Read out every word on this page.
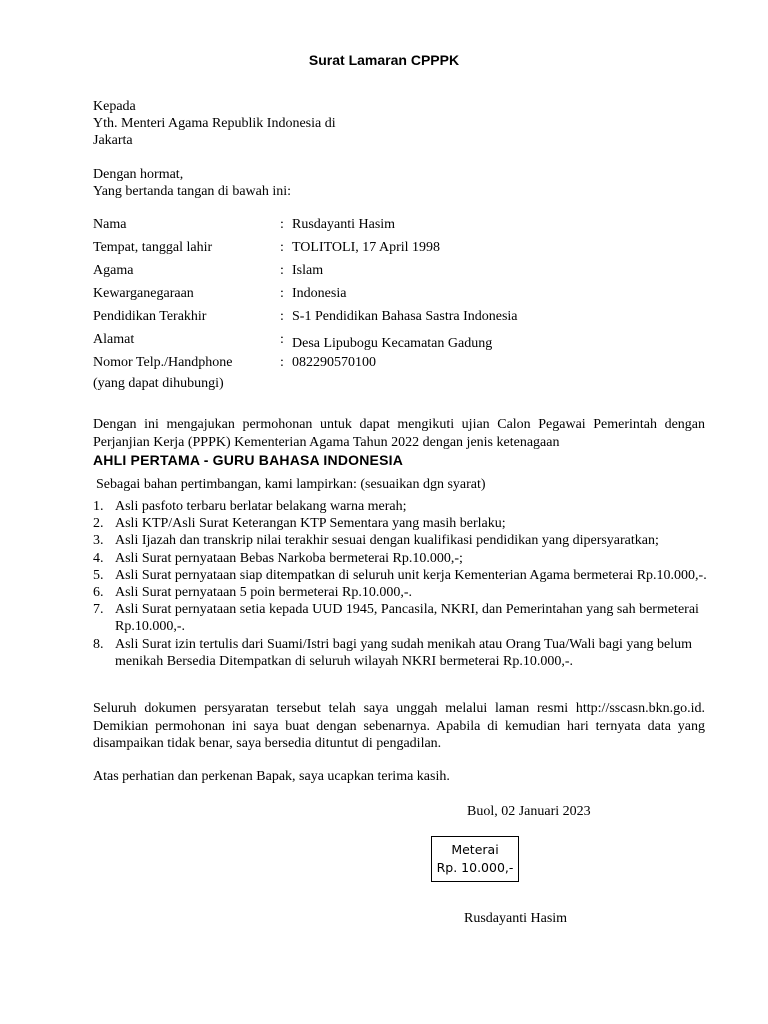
Surat Lamaran CPPPK
Kepada
Yth. Menteri Agama Republik Indonesia di
Jakarta
Dengan hormat,
Yang bertanda tangan di bawah ini:
Nama	: Rusdayanti Hasim
Tempat, tanggal lahir	: TOLITOLI, 17 April 1998
Agama	: Islam
Kewarganegaraan	: Indonesia
Pendidikan Terakhir	: S-1 Pendidikan Bahasa Sastra Indonesia
Alamat	: Desa Lipubogu Kecamatan Gadung
Nomor Telp./Handphone	: 082290570100
(yang dapat dihubungi)
Dengan ini mengajukan permohonan untuk dapat mengikuti ujian Calon Pegawai Pemerintah dengan Perjanjian Kerja (PPPK) Kementerian Agama Tahun 2022 dengan jenis ketenagaan
AHLI PERTAMA - GURU BAHASA INDONESIA
Sebagai bahan pertimbangan, kami lampirkan: (sesuaikan dgn syarat)
1. Asli pasfoto terbaru berlatar belakang warna merah;
2. Asli KTP/Asli Surat Keterangan KTP Sementara yang masih berlaku;
3. Asli Ijazah dan transkrip nilai terakhir sesuai dengan kualifikasi pendidikan yang dipersyaratkan;
4. Asli Surat pernyataan Bebas Narkoba bermeterai Rp.10.000,-;
5. Asli Surat pernyataan siap ditempatkan di seluruh unit kerja Kementerian Agama bermeterai Rp.10.000,-.
6. Asli Surat pernyataan 5 poin bermeterai Rp.10.000,-.
7. Asli Surat pernyataan setia kepada UUD 1945, Pancasila, NKRI, dan Pemerintahan yang sah bermeterai Rp.10.000,-.
8. Asli Surat izin tertulis dari Suami/Istri bagi yang sudah menikah atau Orang Tua/Wali bagi yang belum menikah Bersedia Ditempatkan di seluruh wilayah NKRI bermeterai Rp.10.000,-.
Seluruh dokumen persyaratan tersebut telah saya unggah melalui laman resmi http://sscasn.bkn.go.id. Demikian permohonan ini saya buat dengan sebenarnya. Apabila di kemudian hari ternyata data yang disampaikan tidak benar, saya bersedia dituntut di pengadilan.
Atas perhatian dan perkenan Bapak, saya ucapkan terima kasih.
Buol, 02 Januari 2023
Meterai
Rp. 10.000,-
Rusdayanti Hasim
